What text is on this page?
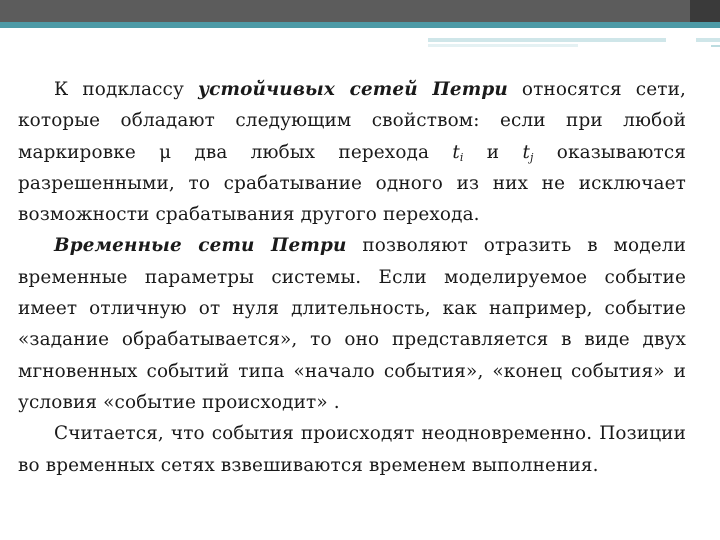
К подклассу устойчивых сетей Петри относятся сети, которые обладают следующим свойством: если при любой маркировке μ два любых перехода $t_i$ и $t_j$ оказываются разрешенными, то срабатывание одного из них не исключает возможности срабатывания другого перехода.

Временные сети Петри позволяют отразить в модели временные параметры системы. Если моделируемое событие имеет отличную от нуля длительность, как например, событие «задание обрабатывается», то оно представляется в виде двух мгновенных событий типа «начало события», «конец события» и условия «событие происходит» .

Считается, что события происходят неодновременно. Позиции во временных сетях взвешиваются временем выполнения.
